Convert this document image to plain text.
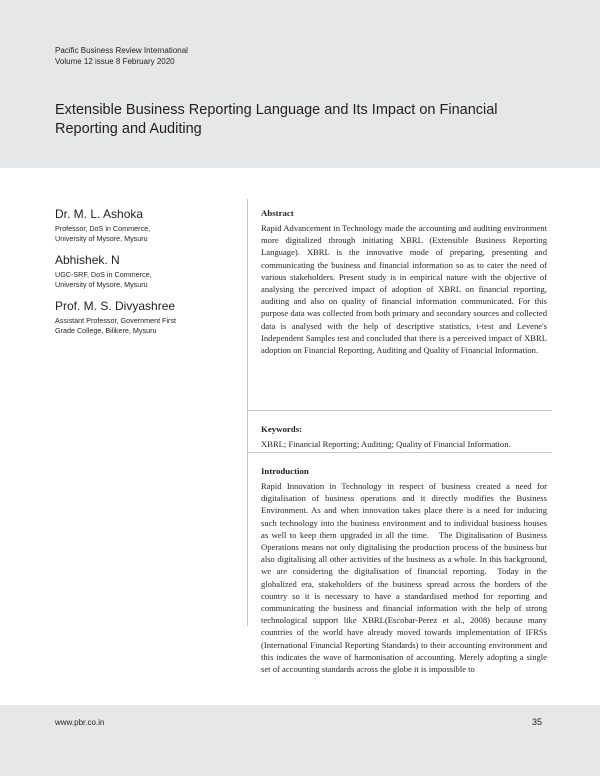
Pacific Business Review International
Volume 12 issue 8 February 2020
Extensible Business Reporting Language and Its Impact on Financial Reporting and Auditing
Dr. M. L. Ashoka
Professor, DoS in Commerce,
University of Mysore, Mysuru
Abhishek. N
UGC-SRF, DoS in Commerce,
University of Mysore, Mysuru
Prof. M. S. Divyashree
Assistant Professor, Government First
Grade College, Bilikere, Mysuru
Abstract
Rapid Advancement in Technology made the accounting and auditing environment more digitalized through initiating XBRL (Extensible Business Reporting Language). XBRL is the innovative mode of preparing, presenting and communicating the business and financial information so as to cater the need of various stakeholders. Present study is in empirical nature with the objective of analysing the perceived impact of adoption of XBRL on financial reporting, auditing and also on quality of financial information communicated. For this purpose data was collected from both primary and secondary sources and collected data is analysed with the help of descriptive statistics, t-test and Levene's Independent Samples test and concluded that there is a perceived impact of XBRL adoption on Financial Reporting, Auditing and Quality of Financial Information.
Keywords:
XBRL; Financial Reporting; Auditing; Quality of Financial Information.
Introduction
Rapid Innovation in Technology in respect of business created a need for digitalisation of business operations and it directly modifies the Business Environment. As and when innovation takes place there is a need for inducing such technology into the business environment and to individual business houses as well to keep them upgraded in all the time.   The Digitalisation of Business Operations means not only digitalising the production process of the business but also digitalising all other activities of the business as a whole. In this background, we are considering the digitalisation of financial reporting.  Today in the globalized era, stakeholders of the business spread across the borders of the country so it is necessary to have a standardised method for reporting and communicating the business and financial information with the help of strong technological support like XBRL(Escobar-Perez et al., 2008) because many countries of the world have already moved towards implementation of IFRSs (International Financial Reporting Standards) to their accounting environment and this indicates the wave of harmonisation of accounting. Merely adopting a single set of accounting standards across the globe it is impossible to
www.pbr.co.in	35
